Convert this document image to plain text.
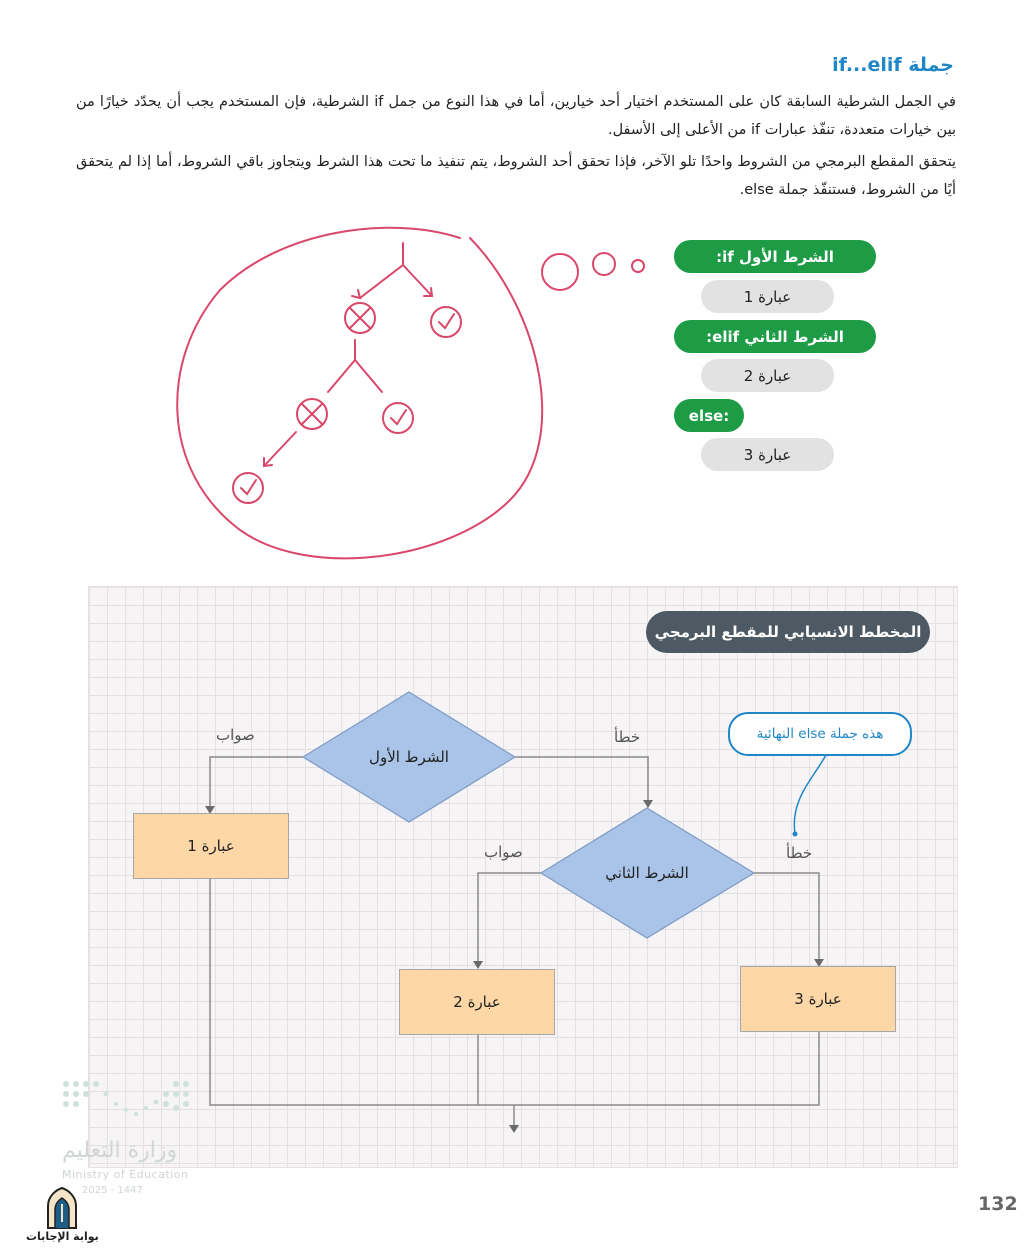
جملة if...elif
في الجمل الشرطية السابقة كان على المستخدم اختيار أحد خيارين، أما في هذا النوع من جمل if الشرطية، فإن المستخدم يجب أن يحدّد خيارًا من بين خيارات متعددة، تنفّذ عبارات if من الأعلى إلى الأسفل.
يتحقق المقطع البرمجي من الشروط واحدًا تلو الآخر، فإذا تحقق أحد الشروط، يتم تنفيذ ما تحت هذا الشرط ويتجاوز باقي الشروط، أما إذا لم يتحقق أيًا من الشروط، فستنفّذ جملة else.
الشرط الأول if:
عبارة 1
الشرط الثاني elif:
عبارة 2
else:
عبارة 3
المخطط الانسيابي للمقطع البرمجي
هذه جملة else النهائية
الشرط الأول
الشرط الثاني
صواب	خطأ
صواب	خطأ
عبارة 1
عبارة 2	عبارة 3
وزارة التعليم
Ministry of Education
2025 - 1447
132
بوابة الإجابات
